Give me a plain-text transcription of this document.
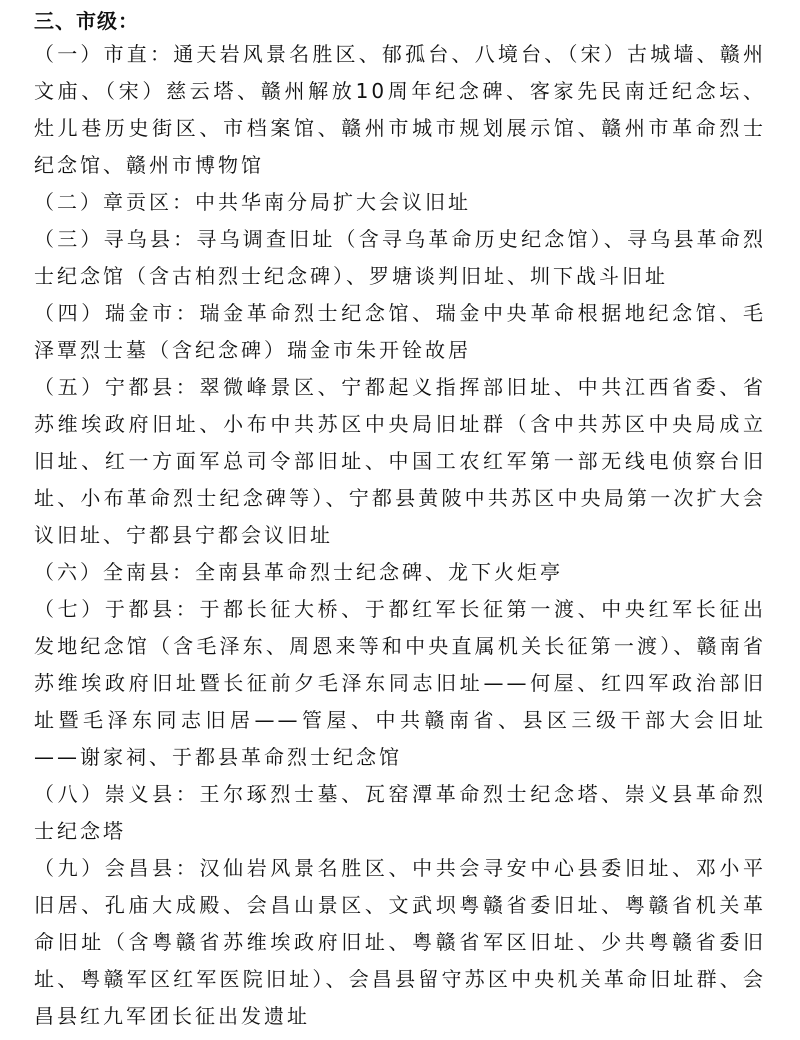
三、市级：

（一）市直：通天岩风景名胜区、郁孤台、八境台、（宋）古城墙、赣州文庙、（宋）慈云塔、赣州解放10周年纪念碑、客家先民南迁纪念坛、灶儿巷历史街区、市档案馆、赣州市城市规划展示馆、赣州市革命烈士纪念馆、赣州市博物馆

（二）章贡区：中共华南分局扩大会议旧址

（三）寻乌县：寻乌调查旧址（含寻乌革命历史纪念馆）、寻乌县革命烈士纪念馆（含古柏烈士纪念碑）、罗塘谈判旧址、圳下战斗旧址

（四）瑞金市：瑞金革命烈士纪念馆、瑞金中央革命根据地纪念馆、毛泽覃烈士墓（含纪念碑）瑞金市朱开铨故居

（五）宁都县：翠微峰景区、宁都起义指挥部旧址、中共江西省委、省苏维埃政府旧址、小布中共苏区中央局旧址群（含中共苏区中央局成立旧址、红一方面军总司令部旧址、中国工农红军第一部无线电侦察台旧址、小布革命烈士纪念碑等）、宁都县黄陂中共苏区中央局第一次扩大会议旧址、宁都县宁都会议旧址

（六）全南县：全南县革命烈士纪念碑、龙下火炬亭

（七）于都县：于都长征大桥、于都红军长征第一渡、中央红军长征出发地纪念馆（含毛泽东、周恩来等和中央直属机关长征第一渡）、赣南省苏维埃政府旧址暨长征前夕毛泽东同志旧址——何屋、红四军政治部旧址暨毛泽东同志旧居——管屋、中共赣南省、县区三级干部大会旧址——谢家祠、于都县革命烈士纪念馆

（八）崇义县：王尔琢烈士墓、瓦窑潭革命烈士纪念塔、崇义县革命烈士纪念塔

（九）会昌县：汉仙岩风景名胜区、中共会寻安中心县委旧址、邓小平旧居、孔庙大成殿、会昌山景区、文武坝粤赣省委旧址、粤赣省机关革命旧址（含粤赣省苏维埃政府旧址、粤赣省军区旧址、少共粤赣省委旧址、粤赣军区红军医院旧址）、会昌县留守苏区中央机关革命旧址群、会昌县红九军团长征出发遗址
